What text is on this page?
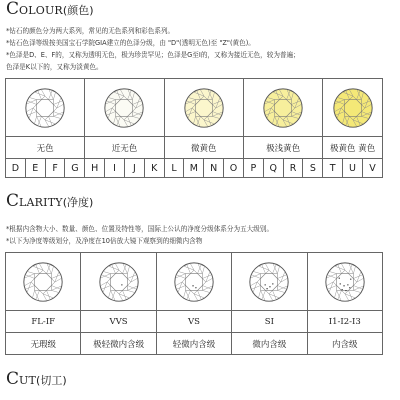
COLOUR(颜色)
*钻石的颜色分为两大系列，常见的无色系列和彩色系列。
*钻石色泽等级按美国宝石学院GIA建立的色泽分级，由 "D"(透明无色)至 "Z"(黄色)。
*色泽是D、E、F的，又称为透明无色，极为珍贵罕见；色泽是G至I的，又称为接近无色，较为普遍；
色泽是K以下的，又称为淡黄色。

无色				近无色				微黄色				极浅黄色				极黄色 黄色		
D	E	F	G	H	I	J	K	L	M	N	O	P	Q	R	S	T	U	V
CLARITY(净度)
*根据内含物大小、数量、颜色、位置及特性等，国际上公认的净度分级体系分为五大级别。
*以下为净度等级划分，及净度在10倍放大镜下观察到的细微内含物

FL-IF	VVS	VS	SI	I1-I2-I3
无瑕级	极轻微内含级	轻微内含级	微内含级	内含级
CUT(切工)
